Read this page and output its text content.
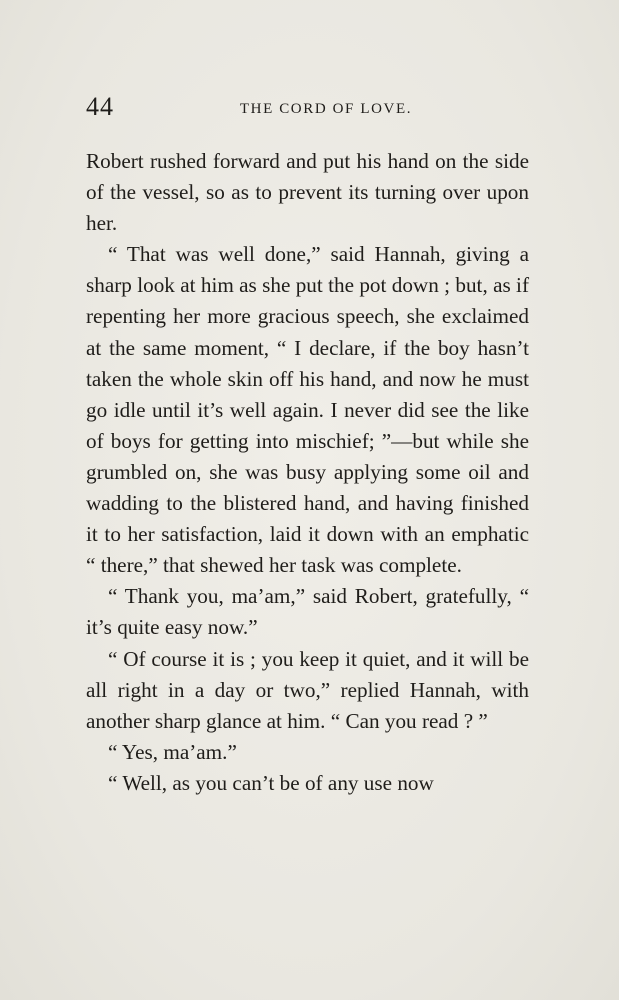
44	THE CORD OF LOVE.

Robert rushed forward and put his hand on the side of the vessel, so as to prevent its turning over upon her.

“ That was well done,” said Hannah, giving a sharp look at him as she put the pot down ; but, as if repenting her more gracious speech, she exclaimed at the same moment, “ I declare, if the boy hasn’t taken the whole skin off his hand, and now he must go idle until it’s well again. I never did see the like of boys for getting into mischief; ”—but while she grumbled on, she was busy applying some oil and wadding to the blistered hand, and having finished it to her satisfaction, laid it down with an emphatic “ there,” that shewed her task was complete.

“ Thank you, ma’am,” said Robert, gratefully, “ it’s quite easy now.”

“ Of course it is ; you keep it quiet, and it will be all right in a day or two,” replied Hannah, with another sharp glance at him. “ Can you read ? ”

“ Yes, ma’am.”

“ Well, as you can’t be of any use now
